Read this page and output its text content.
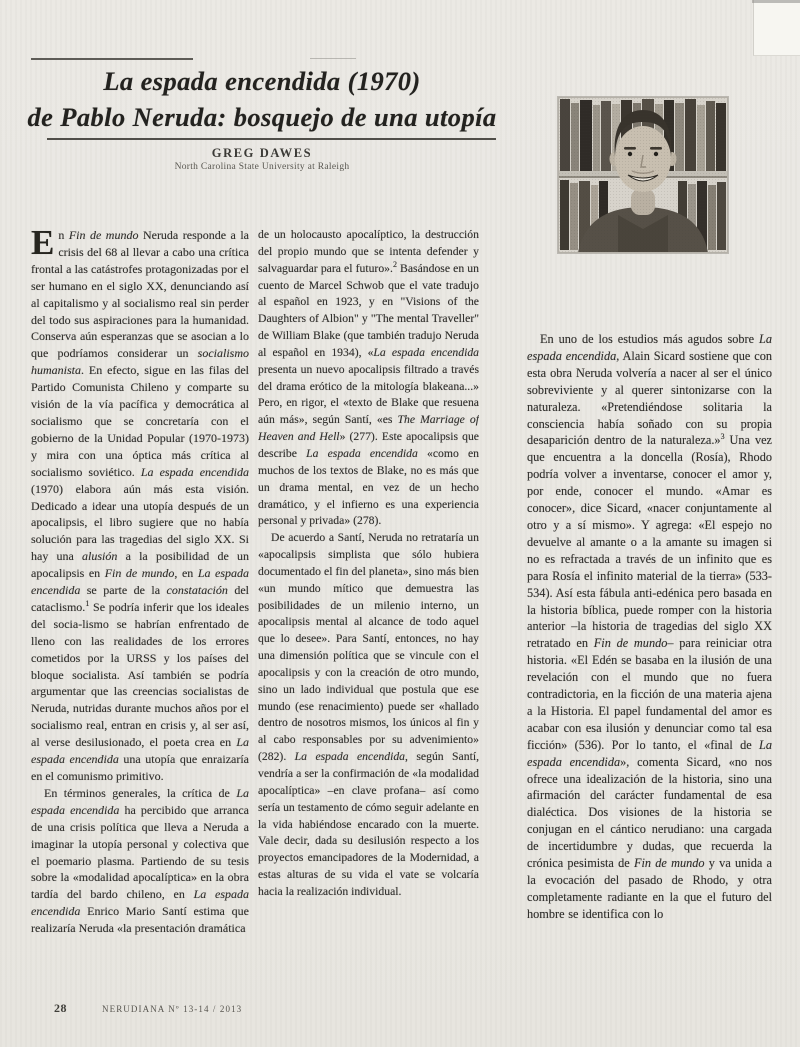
La espada encendida (1970)
de Pablo Neruda: bosquejo de una utopía
GREG DAWES
North Carolina State University at Raleigh

En Fin de mundo Neruda responde a la crisis del 68 al llevar a cabo una crítica frontal a las catástrofes protagonizadas por el ser humano en el siglo XX, denunciando así al capitalismo y al socialismo real sin perder del todo sus aspiraciones para la humanidad. Conserva aún esperanzas que se asocian a lo que podríamos considerar un socialismo humanista. En efecto, sigue en las filas del Partido Comunista Chileno y comparte su visión de la vía pacífica y democrática al socialismo que se concretaría con el gobierno de la Unidad Popular (1970-1973) y mira con una óptica más crítica al socialismo soviético. La espada encendida (1970) elabora aún más esta visión. Dedicado a idear una utopía después de un apocalipsis, el libro sugiere que no había solución para las tragedias del siglo XX. Si hay una alusión a la posibilidad de un apocalipsis en Fin de mundo, en La espada encendida se parte de la constatación del cataclismo.$^1$ Se podría inferir que los ideales del socia-lismo se habrían enfrentado de lleno con las realidades de los errores cometidos por la URSS y los países del bloque socialista. Así también se podría argumentar que las creencias socialistas de Neruda, nutridas durante muchos años por el socialismo real, entran en crisis y, al ser así, al verse desilusionado, el poeta crea en La espada encendida una utopía que enraizaría en el comunismo primitivo.

En términos generales, la crítica de La espada encendida ha percibido que arranca de una crisis política que lleva a Neruda a imaginar la utopía personal y colectiva que el poemario plasma. Partiendo de su tesis sobre la «modalidad apocalíptica» en la obra tardía del bardo chileno, en La espada encendida Enrico Mario Santí estima que realizaría Neruda «la presentación dramática

de un holocausto apocalíptico, la destrucción del propio mundo que se intenta defender y salvaguardar para el futuro».$^2$ Basándose en un cuento de Marcel Schwob que el vate tradujo al español en 1923, y en "Visions of the Daughters of Albion" y "The mental Traveller" de William Blake (que también tradujo Neruda al español en 1934), «La espada encendida presenta un nuevo apocalipsis filtrado a través del drama erótico de la mitología blakeana...» Pero, en rigor, el «texto de Blake que resuena aún más», según Santí, «es The Marriage of Heaven and Hell» (277). Este apocalipsis que describe La espada encendida «como en muchos de los textos de Blake, no es más que un drama mental, en vez de un hecho dramático, y el infierno es una experiencia personal y privada» (278).

De acuerdo a Santí, Neruda no retrataría un «apocalipsis simplista que sólo hubiera documentado el fin del planeta», sino más bien «un mundo mítico que demuestra las posibilidades de un milenio interno, un apocalipsis mental al alcance de todo aquel que lo desee». Para Santí, entonces, no hay una dimensión política que se vincule con el apocalipsis y con la creación de otro mundo, sino un lado individual que postula que ese mundo (ese renacimiento) puede ser «hallado dentro de nosotros mismos, los únicos al fin y al cabo responsables por su advenimiento» (282). La espada encendida, según Santí, vendría a ser la confirmación de «la modalidad apocalíptica» –en clave profana– así como sería un testamento de cómo seguir adelante en la vida habiéndose encarado con la muerte. Vale decir, dada su desilusión respecto a los proyectos emancipadores de la Modernidad, a estas alturas de su vida el vate se volcaría hacia la realización individual.

En uno de los estudios más agudos sobre La espada encendida, Alain Sicard sostiene que con esta obra Neruda volvería a nacer al ser el único sobreviviente y al querer sintonizarse con la naturaleza. «Pretendiéndose solitaria la consciencia había soñado con su propia desaparición dentro de la naturaleza.»$^3$ Una vez que encuentra a la doncella (Rosía), Rhodo podría volver a inventarse, conocer el amor y, por ende, conocer el mundo. «Amar es conocer», dice Sicard, «nacer conjuntamente al otro y a sí mismo». Y agrega: «El espejo no devuelve al amante o a la amante su imagen si no es refractada a través de un infinito que es para Rosía el infinito material de la tierra» (533-534). Así esta fábula anti-edénica pero basada en la historia bíblica, puede romper con la historia anterior –la historia de tragedias del siglo XX retratado en Fin de mundo– para reiniciar otra historia. «El Edén se basaba en la ilusión de una revelación con el mundo que no fuera contradictoria, en la ficción de una materia ajena a la Historia. El papel fundamental del amor es acabar con esa ilusión y denunciar como tal esa ficción» (536). Por lo tanto, el «final de La espada encendida», comenta Sicard, «no nos ofrece una idealización de la historia, sino una afirmación del carácter fundamental de esa dialéctica. Dos visiones de la historia se conjugan en el cántico nerudiano: una cargada de incertidumbre y dudas, que recuerda la crónica pesimista de Fin de mundo y va unida a la evocación del pasado de Rhodo, y otra completamente radiante en la que el futuro del hombre se identifica con lo

28	NERUDIANA Nº 13-14 / 2013
